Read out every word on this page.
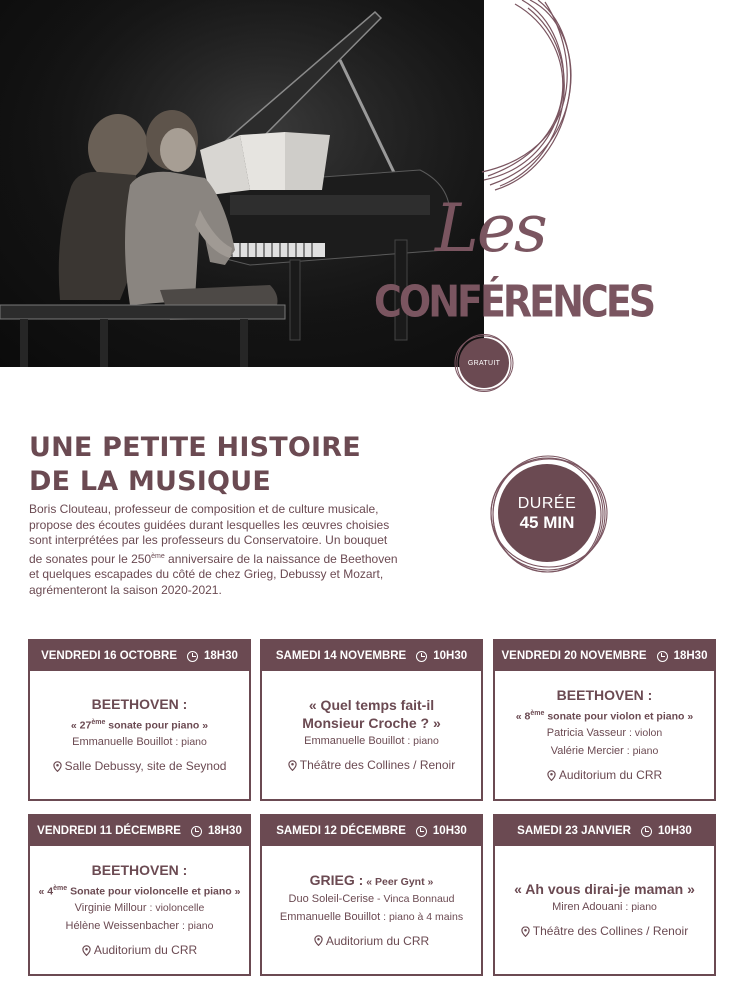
Les
CONFÉRENCES
GRATUIT
UNE PETITE HISTOIRE
DE LA MUSIQUE

Boris Clouteau, professeur de composition et de culture musicale, propose des écoutes guidées durant lesquelles les œuvres choisies sont interprétées par les professeurs du Conservatoire. Un bouquet de sonates pour le 250ème anniversaire de la naissance de Beethoven et quelques escapades du côté de chez Grieg, Debussy et Mozart, agrémenteront la saison 2020-2021.

DURÉE
45 MIN
VENDREDI 16 OCTOBRE 18H30
BEETHOVEN :
« 27ème sonate pour piano »
Emmanuelle Bouillot : piano
Salle Debussy, site de Seynod
SAMEDI 14 NOVEMBRE 10H30
« Quel temps fait-il Monsieur Croche ? »
Emmanuelle Bouillot : piano
Théâtre des Collines / Renoir
VENDREDI 20 NOVEMBRE 18H30
BEETHOVEN :
« 8ème sonate pour violon et piano »
Patricia Vasseur : violon
Valérie Mercier : piano
Auditorium du CRR
VENDREDI 11 DÉCEMBRE 18H30
BEETHOVEN :
« 4ème Sonate pour violoncelle et piano »
Virginie Millour : violoncelle
Hélène Weissenbacher : piano
Auditorium du CRR
SAMEDI 12 DÉCEMBRE 10H30
GRIEG : « Peer Gynt »
Duo Soleil-Cerise - Vinca Bonnaud
Emmanuelle Bouillot : piano à 4 mains
Auditorium du CRR
SAMEDI 23 JANVIER 10H30
« Ah vous dirai-je maman »
Miren Adouani : piano
Théâtre des Collines / Renoir
